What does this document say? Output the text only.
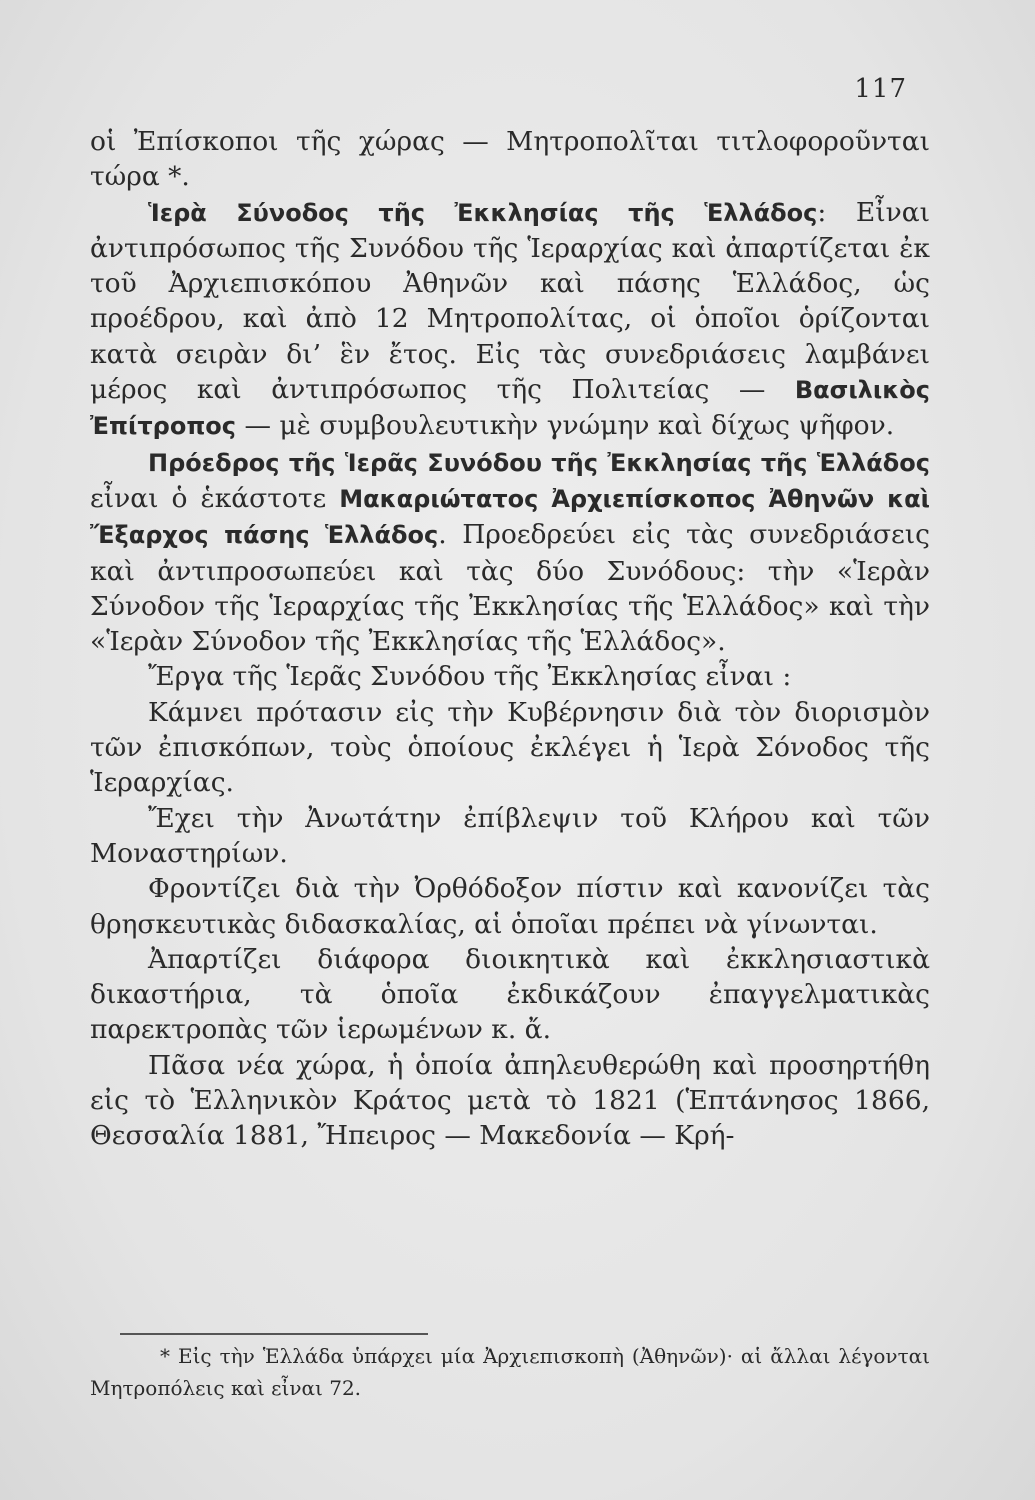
117

οἱ Ἐπίσκοποι τῆς χώρας — Μητροπολῖται τιτλοφοροῦνται τώρα *.

Ἱερὰ Σύνοδος τῆς Ἐκκλησίας τῆς Ἑλλάδος: Εἶναι ἀντιπρόσωπος τῆς Συνόδου τῆς Ἱεραρχίας καὶ ἀπαρτίζεται ἐκ τοῦ Ἀρχιεπισκόπου Ἀθηνῶν καὶ πάσης Ἑλλάδος, ὡς προέδρου, καὶ ἀπὸ 12 Μητροπολίτας, οἱ ὁποῖοι ὁρίζονται κατὰ σειρὰν δι’ ἓν ἔτος. Εἰς τὰς συνεδριάσεις λαμβάνει μέρος καὶ ἀντιπρόσωπος τῆς Πολιτείας — Βασιλικὸς Ἐπίτροπος — μὲ συμβουλευτικὴν γνώμην καὶ δίχως ψῆφον.

Πρόεδρος τῆς Ἱερᾶς Συνόδου τῆς Ἐκκλησίας τῆς Ἑλλάδος εἶναι ὁ ἑκάστοτε Μακαριώτατος Ἀρχιεπίσκοπος Ἀθηνῶν καὶ Ἔξαρχος πάσης Ἑλλάδος. Προεδρεύει εἰς τὰς συνεδριάσεις καὶ ἀντιπροσωπεύει καὶ τὰς δύο Συνόδους: τὴν «Ἱερὰν Σύνοδον τῆς Ἱεραρχίας τῆς Ἐκκλησίας τῆς Ἑλλάδος» καὶ τὴν «Ἱερὰν Σύνοδον τῆς Ἐκκλησίας τῆς Ἑλλάδος».

Ἔργα τῆς Ἱερᾶς Συνόδου τῆς Ἐκκλησίας εἶναι :

Κάμνει πρότασιν εἰς τὴν Κυβέρνησιν διὰ τὸν διορισμὸν τῶν ἐπισκόπων, τοὺς ὁποίους ἐκλέγει ἡ Ἱερὰ Σόνοδος τῆς Ἱεραρχίας.

Ἔχει τὴν Ἀνωτάτην ἐπίβλεψιν τοῦ Κλήρου καὶ τῶν Μοναστηρίων.

Φροντίζει διὰ τὴν Ὀρθόδοξον πίστιν καὶ κανονίζει τὰς θρησκευτικὰς διδασκαλίας, αἱ ὁποῖαι πρέπει νὰ γίνωνται.

Ἀπαρτίζει διάφορα διοικητικὰ καὶ ἐκκλησιαστικὰ δικαστήρια, τὰ ὁποῖα ἐκδικάζουν ἐπαγγελματικὰς παρεκτροπὰς τῶν ἱερωμένων κ. ἄ.

Πᾶσα νέα χώρα, ἡ ὁποία ἀπηλευθερώθη καὶ προσηρτήθη εἰς τὸ Ἑλληνικὸν Κράτος μετὰ τὸ 1821 (Ἑπτάνησος 1866, Θεσσαλία 1881, Ἤπειρος — Μακεδονία — Κρή-

* Εἰς τὴν Ἑλλάδα ὑπάρχει μία Ἀρχιεπισκοπὴ (Ἀθηνῶν)· αἱ ἄλλαι λέγονται Μητροπόλεις καὶ εἶναι 72.
